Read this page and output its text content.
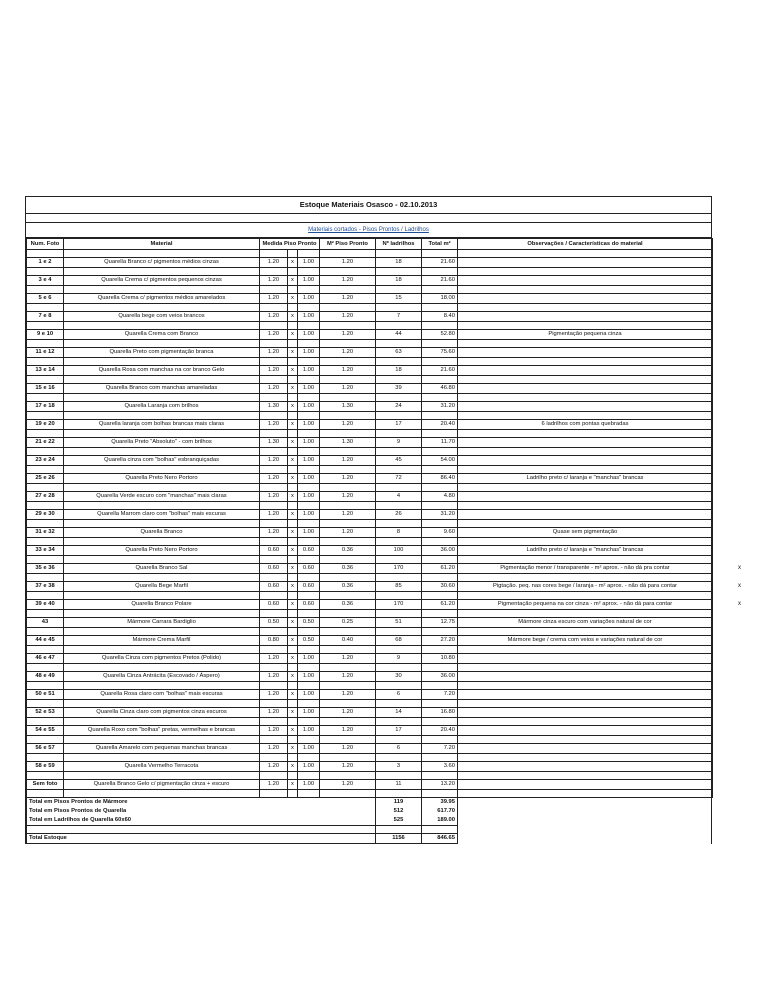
Estoque Materiais Osasco - 02.10.2013
Materiais cortados - Pisos Prontos / Ladrilhos
Num. Foto	Material	Medida Piso Pronto			M² Piso Pronto	Nº ladrilhos	Total m²	Observações / Características do material

1 e 2	Quarella Branco c/ pigmentos médios cinzas	1.20	x	1.00	1.20	18	21.60	

3 e 4	Quarella Crema c/ pigmentos pequenos cinzas	1.20	x	1.00	1.20	18	21.60	

5 e 6	Quarella Crema c/ pigmentos médios amarelados	1.20	x	1.00	1.20	15	18.00	

7 e 8	Quarella bege com veios brancos	1.20	x	1.00	1.20	7	8.40	

9 e 10	Quarella Crema com Branco	1.20	x	1.00	1.20	44	52.80	Pigmentação pequena cinza

11 e 12	Quarella Preto com pigmentação branca	1.20	x	1.00	1.20	63	75.60	

13 e 14	Quarella Rosa com manchas na cor branco Gelo	1.20	x	1.00	1.20	18	21.60	

15 e 16	Quarella Branco com manchas amareladas	1.20	x	1.00	1.20	39	46.80	

17 e 18	Quarella Laranja com brilhos	1.30	x	1.00	1.30	24	31.20	

19 e 20	Quarella laranja com bolhas brancas mais claras	1.20	x	1.00	1.20	17	20.40	6 ladrilhos com pontas quebradas

21 e 22	Quarella Preto "Absoluto" - com brilhos	1.30	x	1.00	1.30	9	11.70	

23 e 24	Quarella cinza com "bolhas" esbranquiçadas	1.20	x	1.00	1.20	45	54.00	

25 e 26	Quarella Preto Nero Portoro	1.20	x	1.00	1.20	72	86.40	Ladrilho preto c/ laranja e "manchas" brancas

27 e 28	Quarella Verde escuro com "manchas" mais claras	1.20	x	1.00	1.20	4	4.80	

29 e 30	Quarella Marrom claro com "bolhas" mais escuras	1.20	x	1.00	1.20	26	31.20	

31 e 32	Quarella Branco	1.20	x	1.00	1.20	8	9.60	Quase sem pigmentação

33 e 34	Quarella Preto Nero Portoro	0.60	x	0.60	0.36	100	36.00	Ladrilho preto c/ laranja e "manchas" brancas

35 e 36	Quarella Branco Sal	0.60	x	0.60	0.36	170	61.20	Pigmentação menor / transparente - m² aprox. - não dá pra contar

37 e 38	Quarella Bege Marfil	0.60	x	0.60	0.36	85	30.60	Pigtação. peq. nas cores bege / laranja - m² aprox. - não dá para contar

39 e 40	Quarella Branco Polare	0.60	x	0.60	0.36	170	61.20	Pigmentação pequena na cor cinza - m² aprox. - não dá para contar

43	Mármore Carrara Bardiglio	0.50	x	0.50	0.25	51	12.75	Mármore cinza escuro com variações natural de cor

44 e 45	Mármore Crema Marfil	0.80	x	0.50	0.40	68	27.20	Mármore bege / crema com veios e variações natural de cor

46 e 47	Quarella Cinza com pigmentos Pretos (Polido)	1.20	x	1.00	1.20	9	10.80	

48 e 49	Quarella Cinza Antrácita (Escovado / Áspero)	1.20	x	1.00	1.20	30	36.00	

50 e 51	Quarella Rosa claro com "bolhas" mais escuras	1.20	x	1.00	1.20	6	7.20	

52 e 53	Quarella Cinza claro com pigmentos cinza escuros	1.20	x	1.00	1.20	14	16.80	

54 e 55	Quarella Roxo com "bolhas" pretas, vermelhas e brancas	1.20	x	1.00	1.20	17	20.40	

56 e 57	Quarella Amarelo com pequenas manchas brancas	1.20	x	1.00	1.20	6	7.20	

58 e 59	Quarella Vermelho Terracota	1.20	x	1.00	1.20	3	3.60	

Sem foto	Quarella Branco Gelo c/ pigmentação cinza + escuro	1.20	x	1.00	1.20	11	13.20	

Total em Pisos Prontos de Mármore						119	39.95	
Total em Pisos Prontos de Quarella						512	617.70	
Total em Ladrilhos de Quarella 60x60						525	189.00	

Total Estoque						1156	846.65	
x
x
x
